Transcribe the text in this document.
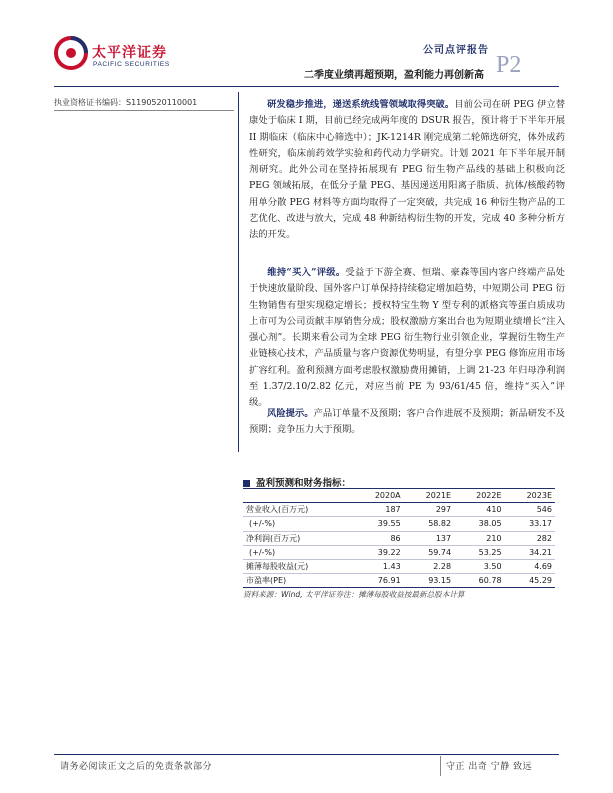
太平洋证券
PACIFIC SECURITIES
公司点评报告
P2
二季度业绩再超预期，盈利能力再创新高
执业资格证书编码：S1190520110001	研发稳步推进，递送系统线管领域取得突破。目前公司在研 PEG 伊立替康处于临床 I 期，目前已经完成两年度的 DSUR 报告，预计将于下半年开展 II 期临床（临床中心筛选中）；JK-1214R 刚完成第二轮筛选研究，体外成药性研究，临床前药效学实验和药代动力学研究。计划 2021 年下半年展开制剂研究。此外公司在坚持拓展现有 PEG 衍生物产品线的基础上积极向泛 PEG 领域拓展，在低分子量 PEG、基因递送用阳离子脂质、抗体/核酸药物用单分散 PEG 材料等方面均取得了一定突破，共完成 16 种衍生物产品的工艺优化、改进与放大，完成 48 种新结构衍生物的开发，完成 40 多种分析方法的开发。

维持“买入”评级。受益于下游全赛、恒瑞、豪森等国内客户终端产品处于快速放量阶段、国外客户订单保持持续稳定增加趋势，中短期公司 PEG 衍生物销售有望实现稳定增长；授权特宝生物 Y 型专利的派格宾等蛋白质成功上市可为公司贡献丰厚销售分成；股权激励方案出台也为短期业绩增长“注入强心剂”。长期来看公司为全球 PEG 衍生物行业引领企业，掌握衍生物生产业链核心技术，产品质量与客户资源优势明显，有望分享 PEG 修饰应用市场扩容红利。盈利预测方面考虑股权激励费用摊销，上调 21-23 年归母净利润至 1.37/2.10/2.82 亿元，对应当前 PE 为 93/61/45 倍，维持“买入”评级。

风险提示。产品订单量不及预期；客户合作进展不及预期；新品研发不及预期；竞争压力大于预期。

盈利预测和财务指标：
	2020A	2021E	2022E	2023E
营业收入(百万元)	187	297	410	546
(+/-%)	39.55	58.82	38.05	33.17
净利润(百万元)	86	137	210	282
(+/-%)	39.22	59.74	53.25	34.21
摊薄每股收益(元)	1.43	2.28	3.50	4.69
市盈率(PE)	76.91	93.15	60.78	45.29
资料来源：Wind, 太平洋证券注：摊薄每股收益按最新总股本计算
请务必阅读正文之后的免责条款部分	守正 出奇 宁静 致远
